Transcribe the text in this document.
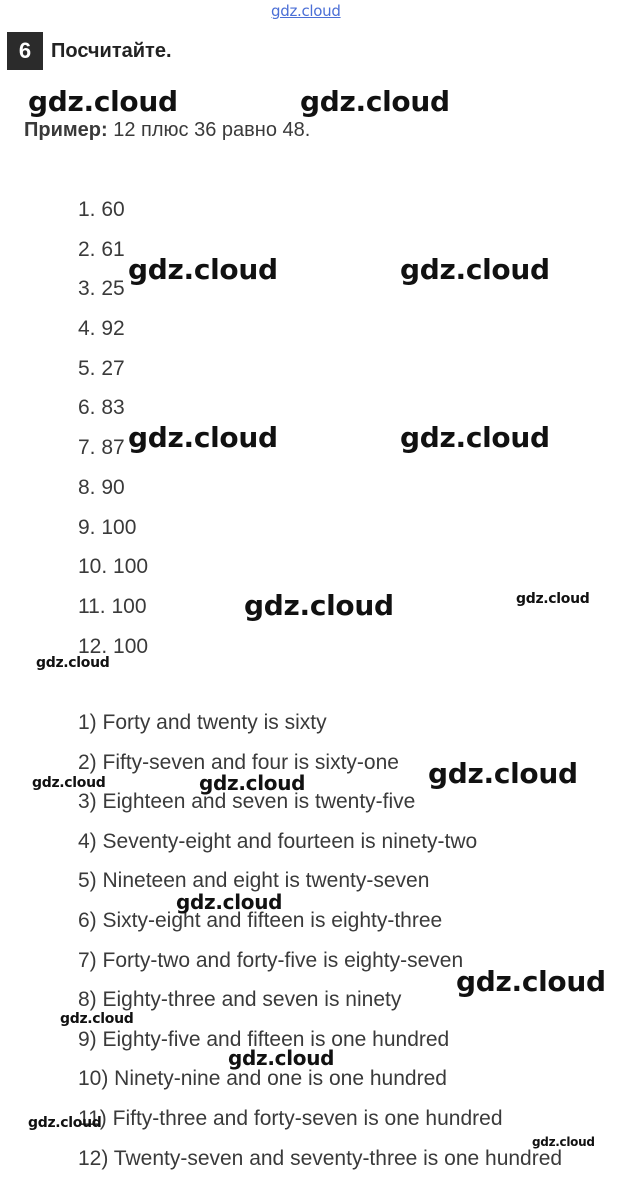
6 Посчитайте.
Пример: 12 плюс 36 равно 48.
1. 60
2. 61
3. 25
4. 92
5. 27
6. 83
7. 87
8. 90
9. 100
10. 100
11. 100
12. 100
1) Forty and twenty is sixty
2) Fifty-seven and four is sixty-one
3) Eighteen and seven is twenty-five
4) Seventy-eight and fourteen is ninety-two
5) Nineteen and eight is twenty-seven
6) Sixty-eight and fifteen is eighty-three
7) Forty-two and forty-five is eighty-seven
8) Eighty-three and seven is ninety
9) Eighty-five and fifteen is one hundred
10) Ninety-nine and one is one hundred
11) Fifty-three and forty-seven is one hundred
12) Twenty-seven and seventy-three is one hundred
gdz.cloud
gdz.cloud	gdz.cloud
gdz.cloud	gdz.cloud
gdz.cloud	gdz.cloud
gdz.cloud	gdz.cloud
gdz.cloud
gdz.cloud
gdz.cloud	gdz.cloud
gdz.cloud
gdz.cloud
gdz.cloud
gdz.cloud
gdz.cloud
gdz.cloud
